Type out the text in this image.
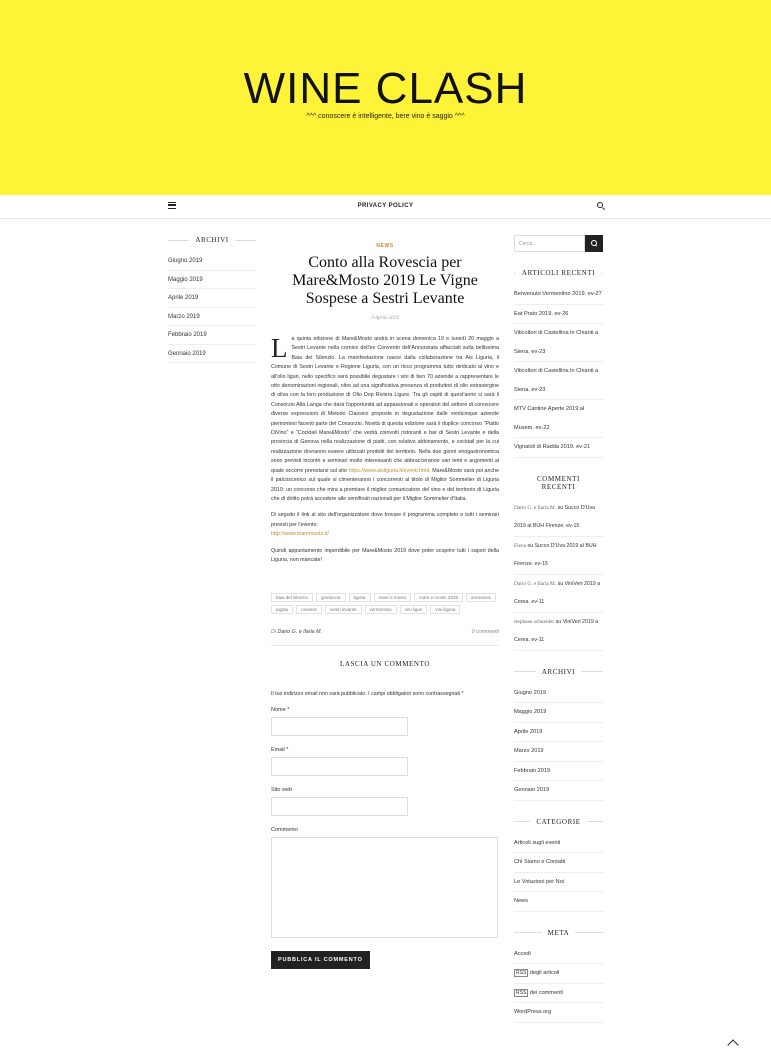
WINE CLASH
^^^ conoscere é intelligente, bere vino é saggio ^^^
PRIVACY POLICY
ARCHIVI
Giugno 2019
Maggio 2019
Aprile 2019
Marzo 2019
Febbraio 2019
Gennaio 2019
NEWS
Conto alla Rovescia per Mare&Mosto 2019 Le Vigne Sospese a Sestri Levante
9 Aprile 2019

La quinta edizione di Mare&Mosto andrà in scena domenica 19 e lunedì 20 maggio a Sestri Levante nella cornice dell'ex Convento dell'Annunziata affacciati sulla bellissima Baia del Silenzio. La manifestazione nasce dalla collaborazione tra Ais Liguria, il Comune di Sestri Levante e Regione Liguria, con un ricco programma tutto dedicato al vino e all'olio liguri, nello specifico sarà possibile degustare i vini di ben 70 aziende a rappresentare le otto denominazioni regionali, oltre ad una significativa presenza di produttori di olio extravergine di oliva con la loro produzione di Olio Dop Riviera Ligure. Tra gli ospiti di quest'anno ci sarà il Consorzio Alta Langa che darà l'opportunità ad appassionati e operatori del settore di conoscere diverse espressioni di Metodo Classico proposte in degustazione dalle venticinque aziende piemontesi facenti parte del Consorzio. Novità di questa edizione sarà il duplice concorso "Piatto DiVino" e "Cocktail Mare&Mosto" che vedrà coinvolti ristoranti e bar di Sestri Levante e della provincia di Genova nella realizzazione di piatti, con relativo abbinamento, e cocktail per la cui realizzazione dovranno essere utilizzati prodotti del territorio. Nella due giorni enogastronomica sono previsti incontri e seminari molto interessanti che abbracceranno vari temi e argomenti ai quale occorre prenotarsi sul sito https://www.aisliguria.it/eventi.html. Mare&Mosto sarà poi anche il palcoscenico sul quale si cimenteranno i concorrenti al titolo di Miglior Sommelier di Liguria 2019: un concorso che mira a premiare il miglior comunicatore del vino e del territorio di Liguria che di diritto potrà accedere alle semifinali nazionali per il Miglior Sommelier d'Italia.

Di seguito il link al sito dell'organizzatore dove trovare il programma completo e tutti i seminari previsti per l'evento:
http://www.maremosto.it/

Quindi appuntamento imperdibile per Mare&Mosto 2019 dove poter scoprire tutti i sapori della Liguria, non mancate!

baia del silenzio	granaccia	liguria	mare e mosto	mare e mosto 2019	ormeasca
pigato	rossese	sestri levante	vermentino	vini liguri	vini liguria
Di Dario G. e Ilaria M.	0 commenti
LASCIA UN COMMENTO
Il tuo indirizzo email non sarà pubblicato. I campi obbligatori sono contrassegnati *
Nome *
Email *
Sito web
Commento
PUBBLICA IL COMMENTO
Cerca...
ARTICOLI RECENTI
Benvenuto Vermentino 2019. ev-27
Eat Prato 2019. ev-26
Viticoltori di Castellina in Chianti a Siena. ev-23
Viticoltori di Castellina in Chianti a Siena. ev-23
MTV Cantine Aperte 2019 al Musem. ev-22
Vignaioli di Radda 2019. ev-21
COMMENTI RECENTI
Dario G. e Ilaria M. su Succo D'Uva 2019 al BUH Firenze. ev-15
Elena su Succo D'Uva 2019 al BUH Firenze. ev-15
Dario G. e Ilaria M. su ViniVeri 2019 a Cerea. ev-11
stephane schneider su ViniVeri 2019 a Cerea. ev-11
ARCHIVI
Giugno 2019
Maggio 2019
Aprile 2019
Marzo 2019
Febbraio 2019
Gennaio 2019
CATEGORIE
Articoli sugli eventi
Chi Siamo e Contatti
Le Votazioni per Noi
News
META
Accedi
RSS degli articoli
RSS dei commenti
WordPress.org
